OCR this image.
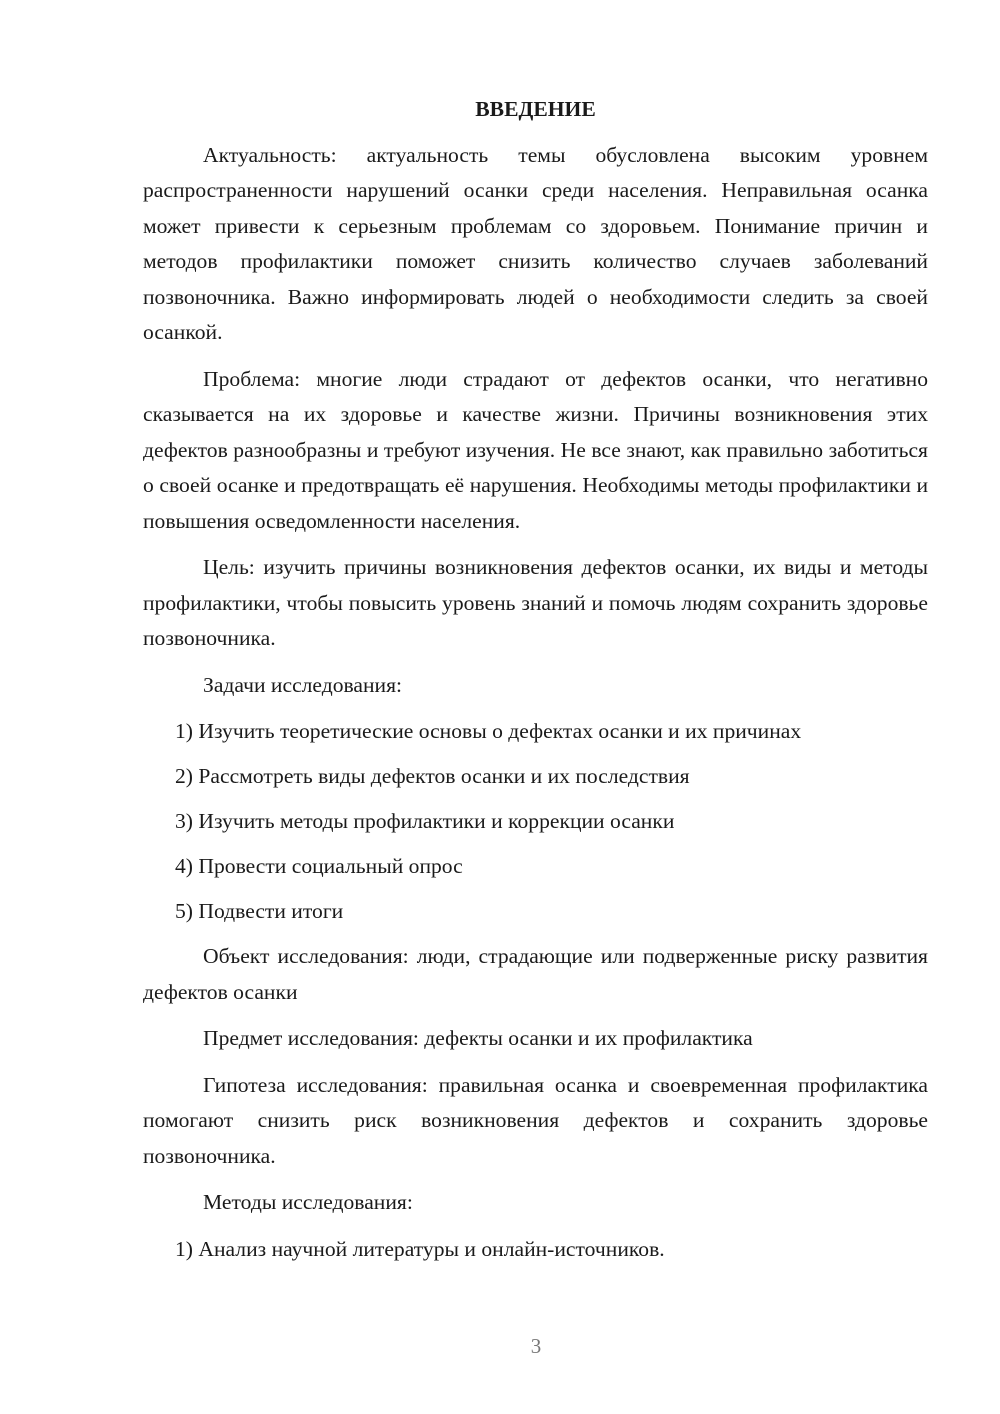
ВВЕДЕНИЕ

Актуальность: актуальность темы обусловлена высоким уровнем распространенности нарушений осанки среди населения. Неправильная осанка может привести к серьезным проблемам со здоровьем. Понимание причин и методов профилактики поможет снизить количество случаев заболеваний позвоночника. Важно информировать людей о необходимости следить за своей осанкой.

Проблема: многие люди страдают от дефектов осанки, что негативно сказывается на их здоровье и качестве жизни. Причины возникновения этих дефектов разнообразны и требуют изучения. Не все знают, как правильно заботиться о своей осанке и предотвращать её нарушения. Необходимы методы профилактики и повышения осведомленности населения.

Цель: изучить причины возникновения дефектов осанки, их виды и методы профилактики, чтобы повысить уровень знаний и помочь людям сохранить здоровье позвоночника.

Задачи исследования:

1) Изучить теоретические основы о дефектах осанки и их причинах
2) Рассмотреть виды дефектов осанки и их последствия
3) Изучить методы профилактики и коррекции осанки
4) Провести социальный опрос
5) Подвести итоги

Объект исследования: люди, страдающие или подверженные риску развития дефектов осанки

Предмет исследования: дефекты осанки и их профилактика

Гипотеза исследования: правильная осанка и своевременная профилактика помогают снизить риск возникновения дефектов и сохранить здоровье позвоночника.

Методы исследования:

1) Анализ научной литературы и онлайн-источников.
3
